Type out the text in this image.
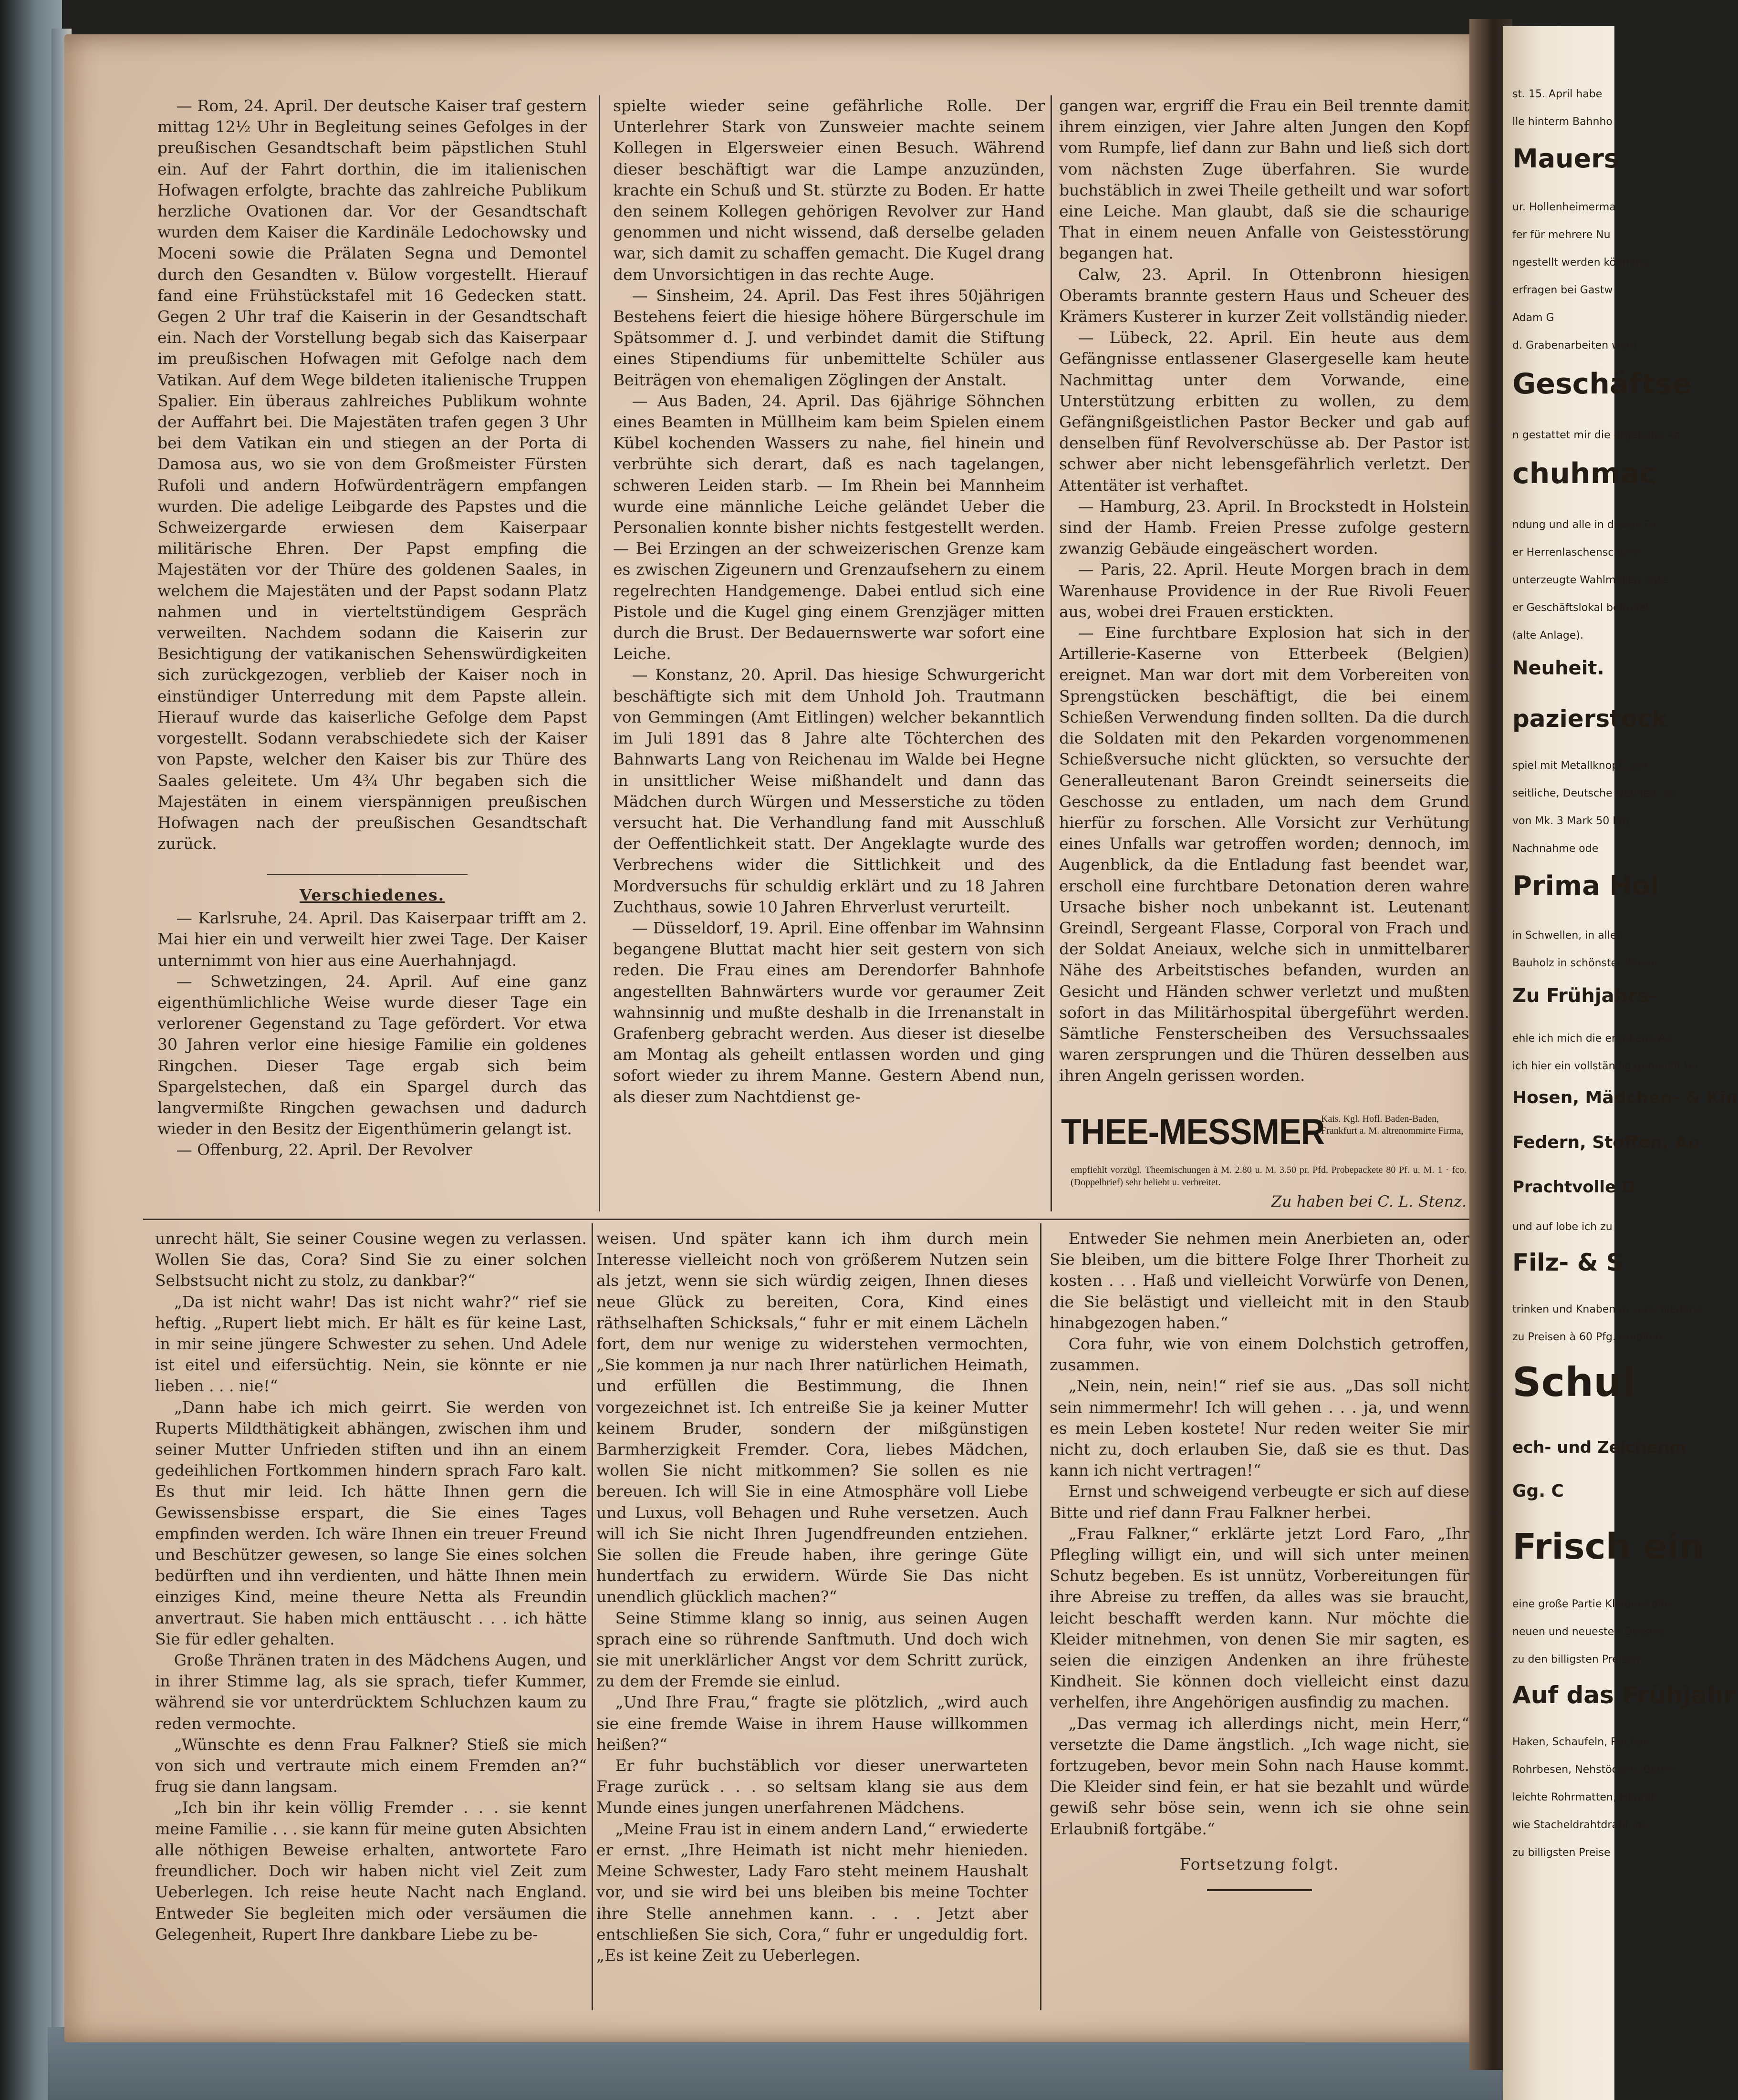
— Rom, 24. April. Der deutsche Kaiser traf gestern mittag 12½ Uhr in Begleitung seines Gefolges in der preußischen Gesandtschaft beim päpstlichen Stuhl ein. Auf der Fahrt dorthin, die im italienischen Hofwagen erfolgte, brachte das zahlreiche Publikum herzliche Ovationen dar. Vor der Gesandtschaft wurden dem Kaiser die Kardinäle Ledochowsky und Moceni sowie die Prälaten Segna und Demontel durch den Gesandten v. Bülow vorgestellt. Hierauf fand eine Frühstückstafel mit 16 Gedecken statt. Gegen 2 Uhr traf die Kaiserin in der Gesandtschaft ein. Nach der Vorstellung begab sich das Kaiserpaar im preußischen Hofwagen mit Gefolge nach dem Vatikan. Auf dem Wege bildeten italienische Truppen Spalier. Ein überaus zahlreiches Publikum wohnte der Auffahrt bei. Die Majestäten trafen gegen 3 Uhr bei dem Vatikan ein und stiegen an der Porta di Damosa aus, wo sie von dem Großmeister Fürsten Rufoli und andern Hofwürdenträgern empfangen wurden. Die adelige Leibgarde des Papstes und die Schweizergarde erwiesen dem Kaiserpaar militärische Ehren. Der Papst empfing die Majestäten vor der Thüre des goldenen Saales, in welchem die Majestäten und der Papst sodann Platz nahmen und in vierteltstündigem Gespräch verweilten. Nachdem sodann die Kaiserin zur Besichtigung der vatikanischen Sehenswürdigkeiten sich zurückgezogen, verblieb der Kaiser noch in einstündiger Unterredung mit dem Papste allein. Hierauf wurde das kaiserliche Gefolge dem Papst vorgestellt. Sodann verabschiedete sich der Kaiser von Papste, welcher den Kaiser bis zur Thüre des Saales geleitete. Um 4¾ Uhr begaben sich die Majestäten in einem vierspännigen preußischen Hofwagen nach der preußischen Gesandtschaft zurück.

Verschiedenes.

— Karlsruhe, 24. April. Das Kaiserpaar trifft am 2. Mai hier ein und verweilt hier zwei Tage. Der Kaiser unternimmt von hier aus eine Auerhahnjagd.

— Schwetzingen, 24. April. Auf eine ganz eigenthümlichliche Weise wurde dieser Tage ein verlorener Gegenstand zu Tage gefördert. Vor etwa 30 Jahren verlor eine hiesige Familie ein goldenes Ringchen. Dieser Tage ergab sich beim Spargelstechen, daß ein Spargel durch das langvermißte Ringchen gewachsen und dadurch wieder in den Besitz der Eigenthümerin gelangt ist.

— Offenburg, 22. April. Der Revolver

spielte wieder seine gefährliche Rolle. Der Unterlehrer Stark von Zunsweier machte seinem Kollegen in Elgersweier einen Besuch. Während dieser beschäftigt war die Lampe anzuzünden, krachte ein Schuß und St. stürzte zu Boden. Er hatte den seinem Kollegen gehörigen Revolver zur Hand genommen und nicht wissend, daß derselbe geladen war, sich damit zu schaffen gemacht. Die Kugel drang dem Unvorsichtigen in das rechte Auge.

— Sinsheim, 24. April. Das Fest ihres 50jährigen Bestehens feiert die hiesige höhere Bürgerschule im Spätsommer d. J. und verbindet damit die Stiftung eines Stipendiums für unbemittelte Schüler aus Beiträgen von ehemaligen Zöglingen der Anstalt.

— Aus Baden, 24. April. Das 6jährige Söhnchen eines Beamten in Müllheim kam beim Spielen einem Kübel kochenden Wassers zu nahe, fiel hinein und verbrühte sich derart, daß es nach tagelangen, schweren Leiden starb. — Im Rhein bei Mannheim wurde eine männliche Leiche geländet Ueber die Personalien konnte bisher nichts festgestellt werden. — Bei Erzingen an der schweizerischen Grenze kam es zwischen Zigeunern und Grenzaufsehern zu einem regelrechten Handgemenge. Dabei entlud sich eine Pistole und die Kugel ging einem Grenzjäger mitten durch die Brust. Der Bedauernswerte war sofort eine Leiche.

— Konstanz, 20. April. Das hiesige Schwurgericht beschäftigte sich mit dem Unhold Joh. Trautmann von Gemmingen (Amt Eitlingen) welcher bekanntlich im Juli 1891 das 8 Jahre alte Töchterchen des Bahnwarts Lang von Reichenau im Walde bei Hegne in unsittlicher Weise mißhandelt und dann das Mädchen durch Würgen und Messerstiche zu töden versucht hat. Die Verhandlung fand mit Ausschluß der Oeffentlichkeit statt. Der Angeklagte wurde des Verbrechens wider die Sittlichkeit und des Mordversuchs für schuldig erklärt und zu 18 Jahren Zuchthaus, sowie 10 Jahren Ehrverlust verurteilt.

— Düsseldorf, 19. April. Eine offenbar im Wahnsinn begangene Bluttat macht hier seit gestern von sich reden. Die Frau eines am Derendorfer Bahnhofe angestellten Bahnwärters wurde vor geraumer Zeit wahnsinnig und mußte deshalb in die Irrenanstalt in Grafenberg gebracht werden. Aus dieser ist dieselbe am Montag als geheilt entlassen worden und ging sofort wieder zu ihrem Manne. Gestern Abend nun, als dieser zum Nachtdienst ge-

gangen war, ergriff die Frau ein Beil trennte damit ihrem einzigen, vier Jahre alten Jungen den Kopf vom Rumpfe, lief dann zur Bahn und ließ sich dort vom nächsten Zuge überfahren. Sie wurde buchstäblich in zwei Theile getheilt und war sofort eine Leiche. Man glaubt, daß sie die schaurige That in einem neuen Anfalle von Geistesstörung begangen hat.

Calw, 23. April. In Ottenbronn hiesigen Oberamts brannte gestern Haus und Scheuer des Krämers Kusterer in kurzer Zeit vollständig nieder.

— Lübeck, 22. April. Ein heute aus dem Gefängnisse entlassener Glasergeselle kam heute Nachmittag unter dem Vorwande, eine Unterstützung erbitten zu wollen, zu dem Gefängnißgeistlichen Pastor Becker und gab auf denselben fünf Revolverschüsse ab. Der Pastor ist schwer aber nicht lebensgefährlich verletzt. Der Attentäter ist verhaftet.

— Hamburg, 23. April. In Brockstedt in Holstein sind der Hamb. Freien Presse zufolge gestern zwanzig Gebäude eingeäschert worden.

— Paris, 22. April. Heute Morgen brach in dem Warenhause Providence in der Rue Rivoli Feuer aus, wobei drei Frauen erstickten.

— Eine furchtbare Explosion hat sich in der Artillerie-Kaserne von Etterbeek (Belgien) ereignet. Man war dort mit dem Vorbereiten von Sprengstücken beschäftigt, die bei einem Schießen Verwendung finden sollten. Da die durch die Soldaten mit den Pekarden vorgenommenen Schießversuche nicht glückten, so versuchte der Generalleutenant Baron Greindt seinerseits die Geschosse zu entladen, um nach dem Grund hierfür zu forschen. Alle Vorsicht zur Verhütung eines Unfalls war getroffen worden; dennoch, im Augenblick, da die Entladung fast beendet war, erscholl eine furchtbare Detonation deren wahre Ursache bisher noch unbekannt ist. Leutenant Greindl, Sergeant Flasse, Corporal von Frach und der Soldat Aneiaux, welche sich in unmittelbarer Nähe des Arbeitstisches befanden, wurden an Gesicht und Händen schwer verletzt und mußten sofort in das Militärhospital übergeführt werden. Sämtliche Fensterscheiben des Versuchssaales waren zersprungen und die Thüren desselben aus ihren Angeln gerissen worden.

THEE-MESSMER
Kais. Kgl. Hofl. Baden-Baden, Frankfurt a. M. altrenommirte Firma,
empfiehlt vorzügl. Theemischungen à M. 2.80 u. M. 3.50 pr. Pfd. Probepackete 80 Pf. u. M. 1 · fco. (Doppelbrief) sehr beliebt u. verbreitet.
Zu haben bei C. L. Stenz.

unrecht hält, Sie seiner Cousine wegen zu verlassen. Wollen Sie das, Cora? Sind Sie zu einer solchen Selbstsucht nicht zu stolz, zu dankbar?“

„Da ist nicht wahr! Das ist nicht wahr?“ rief sie heftig. „Rupert liebt mich. Er hält es für keine Last, in mir seine jüngere Schwester zu sehen. Und Adele ist eitel und eifersüchtig. Nein, sie könnte er nie lieben . . . nie!“

„Dann habe ich mich geirrt. Sie werden von Ruperts Mildthätigkeit abhängen, zwischen ihm und seiner Mutter Unfrieden stiften und ihn an einem gedeihlichen Fortkommen hindern sprach Faro kalt. Es thut mir leid. Ich hätte Ihnen gern die Gewissensbisse erspart, die Sie eines Tages empfinden werden. Ich wäre Ihnen ein treuer Freund und Beschützer gewesen, so lange Sie eines solchen bedürften und ihn verdienten, und hätte Ihnen mein einziges Kind, meine theure Netta als Freundin anvertraut. Sie haben mich enttäuscht . . . ich hätte Sie für edler gehalten.

Große Thränen traten in des Mädchens Augen, und in ihrer Stimme lag, als sie sprach, tiefer Kummer, während sie vor unterdrücktem Schluchzen kaum zu reden vermochte.

„Wünschte es denn Frau Falkner? Stieß sie mich von sich und vertraute mich einem Fremden an?“ frug sie dann langsam.

„Ich bin ihr kein völlig Fremder . . . sie kennt meine Familie . . . sie kann für meine guten Absichten alle nöthigen Beweise erhalten, antwortete Faro freundlicher. Doch wir haben nicht viel Zeit zum Ueberlegen. Ich reise heute Nacht nach England. Entweder Sie begleiten mich oder versäumen die Gelegenheit, Rupert Ihre dankbare Liebe zu be-

weisen. Und später kann ich ihm durch mein Interesse vielleicht noch von größerem Nutzen sein als jetzt, wenn sie sich würdig zeigen, Ihnen dieses neue Glück zu bereiten, Cora, Kind eines räthselhaften Schicksals,“ fuhr er mit einem Lächeln fort, dem nur wenige zu widerstehen vermochten, „Sie kommen ja nur nach Ihrer natürlichen Heimath, und erfüllen die Bestimmung, die Ihnen vorgezeichnet ist. Ich entreiße Sie ja keiner Mutter keinem Bruder, sondern der mißgünstigen Barmherzigkeit Fremder. Cora, liebes Mädchen, wollen Sie nicht mitkommen? Sie sollen es nie bereuen. Ich will Sie in eine Atmosphäre voll Liebe und Luxus, voll Behagen und Ruhe versetzen. Auch will ich Sie nicht Ihren Jugendfreunden entziehen. Sie sollen die Freude haben, ihre geringe Güte hundertfach zu erwidern. Würde Sie Das nicht unendlich glücklich machen?“

Seine Stimme klang so innig, aus seinen Augen sprach eine so rührende Sanftmuth. Und doch wich sie mit unerklärlicher Angst vor dem Schritt zurück, zu dem der Fremde sie einlud.

„Und Ihre Frau,“ fragte sie plötzlich, „wird auch sie eine fremde Waise in ihrem Hause willkommen heißen?“

Er fuhr buchstäblich vor dieser unerwarteten Frage zurück . . . so seltsam klang sie aus dem Munde eines jungen unerfahrenen Mädchens.

„Meine Frau ist in einem andern Land,“ erwiederte er ernst. „Ihre Heimath ist nicht mehr hienieden. Meine Schwester, Lady Faro steht meinem Haushalt vor, und sie wird bei uns bleiben bis meine Tochter ihre Stelle annehmen kann. . . . Jetzt aber entschließen Sie sich, Cora,“ fuhr er ungeduldig fort. „Es ist keine Zeit zu Ueberlegen.

Entweder Sie nehmen mein Anerbieten an, oder Sie bleiben, um die bittere Folge Ihrer Thorheit zu kosten . . . Haß und vielleicht Vorwürfe von Denen, die Sie belästigt und vielleicht mit in den Staub hinabgezogen haben.“

Cora fuhr, wie von einem Dolchstich getroffen, zusammen.

„Nein, nein, nein!“ rief sie aus. „Das soll nicht sein nimmermehr! Ich will gehen . . . ja, und wenn es mein Leben kostete! Nur reden weiter Sie mir nicht zu, doch erlauben Sie, daß sie es thut. Das kann ich nicht vertragen!“

Ernst und schweigend verbeugte er sich auf diese Bitte und rief dann Frau Falkner herbei.

„Frau Falkner,“ erklärte jetzt Lord Faro, „Ihr Pflegling willigt ein, und will sich unter meinen Schutz begeben. Es ist unnütz, Vorbereitungen für ihre Abreise zu treffen, da alles was sie braucht, leicht beschafft werden kann. Nur möchte die Kleider mitnehmen, von denen Sie mir sagten, es seien die einzigen Andenken an ihre früheste Kindheit. Sie können doch vielleicht einst dazu verhelfen, ihre Angehörigen ausfindig zu machen.

„Das vermag ich allerdings nicht, mein Herr,“ versetzte die Dame ängstlich. „Ich wage nicht, sie fortzugeben, bevor mein Sohn nach Hause kommt. Die Kleider sind fein, er hat sie bezahlt und würde gewiß sehr böse sein, wenn ich sie ohne sein Erlaubniß fortgäbe.“

Fortsetzung folgt.

st. 15. April habe
lle hinterm Bahnho
Mauers
ur. Hollenheimerma
fer für mehrere Nu
ngestellt werden könnens
erfragen bei Gastw
Adam G
d. Grabenarbeiten werd
Geschäftse
n gestattet mir die ergebene An
chuhmac
ndung und alle in dieses Fa
er Herrenlaschenschuhe
unterzeugte Wahlmollen bitte
er Geschäftslokal befindet
(alte Anlage).
Neuheit.
pazierstock
spiel mit Metallknopf, wor
seitliche, Deutsche Neuheit. Sc
von Mk. 3 Mark 50 Pfg.
Nachnahme ode
Prima Hol
in Schwellen, in allen
Bauholz in schönster Waare
Zu Frühjahrs-
ehle ich mich die ergebene An
ich hier ein vollständig gemacht ba
Hosen, Mädchen- & Kin
Federn, Stoffen, Au
Prachtvolle D
und auf lobe ich zu
Filz- & S
trinken und Knaben in verschiedene
zu Preisen à 60 Pfg. empfieh
Schul
ech- und Zeichenm
Gg. C
Frisch ein
eine große Partie Kleiderstoffe
neuen und neuesten Dessins
zu den billigsten Preisen.
Auf das Frühjahr
Haken, Schaufeln, Rechen
Rohrbesen, Nehstöcken, Baum
leichte Rohrmatten, Hopfen
wie Stacheldrahtdraht im
zu billigsten Preise
